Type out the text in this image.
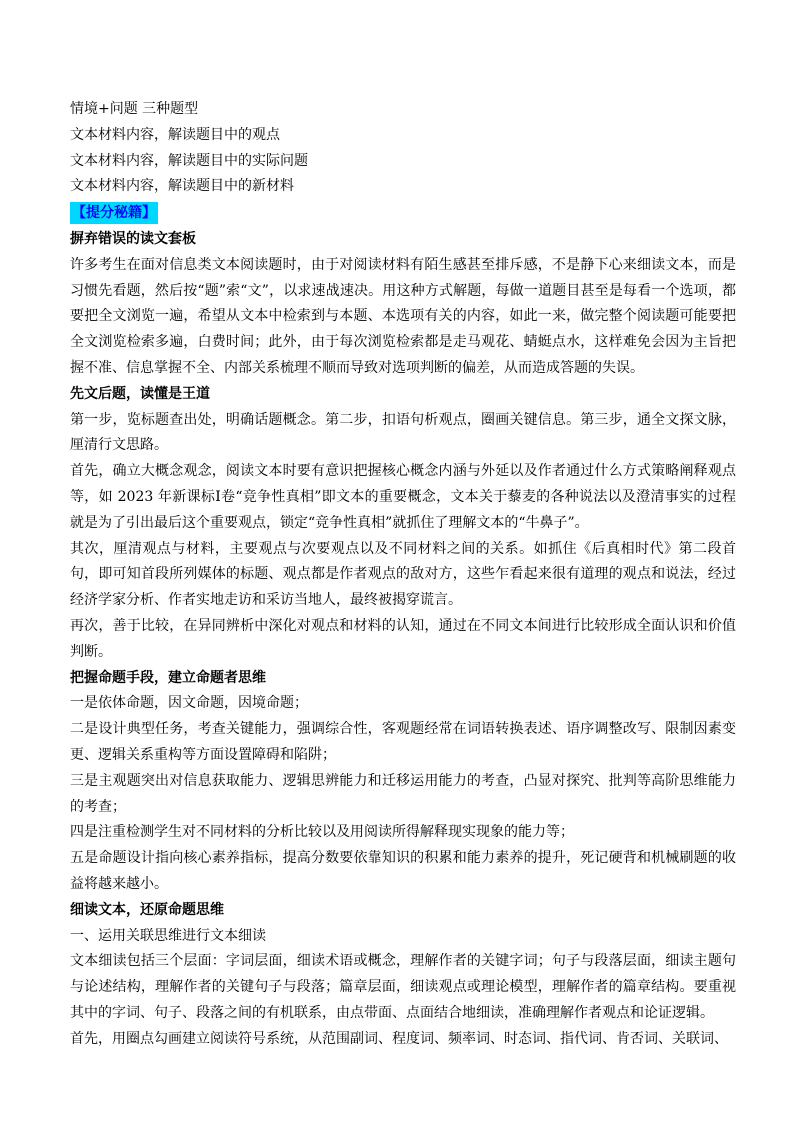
情境+问题 三种题型

文本材料内容，解读题目中的观点

文本材料内容，解读题目中的实际问题

文本材料内容，解读题目中的新材料

【提分秘籍】

摒弃错误的读文套板

许多考生在面对信息类文本阅读题时，由于对阅读材料有陌生感甚至排斥感，不是静下心来细读文本，而是习惯先看题，然后按“题”索“文”，以求速战速决。用这种方式解题，每做一道题目甚至是每看一个选项，都要把全文浏览一遍，希望从文本中检索到与本题、本选项有关的内容，如此一来，做完整个阅读题可能要把全文浏览检索多遍，白费时间；此外，由于每次浏览检索都是走马观花、蜻蜓点水，这样难免会因为主旨把握不准、信息掌握不全、内部关系梳理不顺而导致对选项判断的偏差，从而造成答题的失误。

先文后题，读懂是王道

第一步，览标题查出处，明确话题概念。第二步，扣语句析观点，圈画关键信息。第三步，通全文探文脉，厘清行文思路。

首先，确立大概念观念，阅读文本时要有意识把握核心概念内涵与外延以及作者通过什么方式策略阐释观点等，如 2023 年新课标Ⅰ卷“竞争性真相”即文本的重要概念，文本关于藜麦的各种说法以及澄清事实的过程就是为了引出最后这个重要观点，锁定“竞争性真相”就抓住了理解文本的“牛鼻子”。

其次，厘清观点与材料，主要观点与次要观点以及不同材料之间的关系。如抓住《后真相时代》第二段首句，即可知首段所列媒体的标题、观点都是作者观点的敌对方，这些乍看起来很有道理的观点和说法，经过经济学家分析、作者实地走访和采访当地人，最终被揭穿谎言。

再次，善于比较，在异同辨析中深化对观点和材料的认知，通过在不同文本间进行比较形成全面认识和价值判断。

把握命题手段，建立命题者思维

一是依体命题，因文命题，因境命题；

二是设计典型任务，考查关键能力，强调综合性，客观题经常在词语转换表述、语序调整改写、限制因素变更、逻辑关系重构等方面设置障碍和陷阱；

三是主观题突出对信息获取能力、逻辑思辨能力和迁移运用能力的考查，凸显对探究、批判等高阶思维能力的考查；

四是注重检测学生对不同材料的分析比较以及用阅读所得解释现实现象的能力等；

五是命题设计指向核心素养指标，提高分数要依靠知识的积累和能力素养的提升，死记硬背和机械刷题的收益将越来越小。

细读文本，还原命题思维

一、运用关联思维进行文本细读

文本细读包括三个层面：字词层面，细读术语或概念，理解作者的关键字词；句子与段落层面，细读主题句与论述结构，理解作者的关键句子与段落；篇章层面，细读观点或理论模型，理解作者的篇章结构。要重视其中的字词、句子、段落之间的有机联系，由点带面、点面结合地细读，准确理解作者观点和论证逻辑。

首先，用圈点勾画建立阅读符号系统，从范围副词、程度词、频率词、时态词、指代词、肯否词、关联词、
